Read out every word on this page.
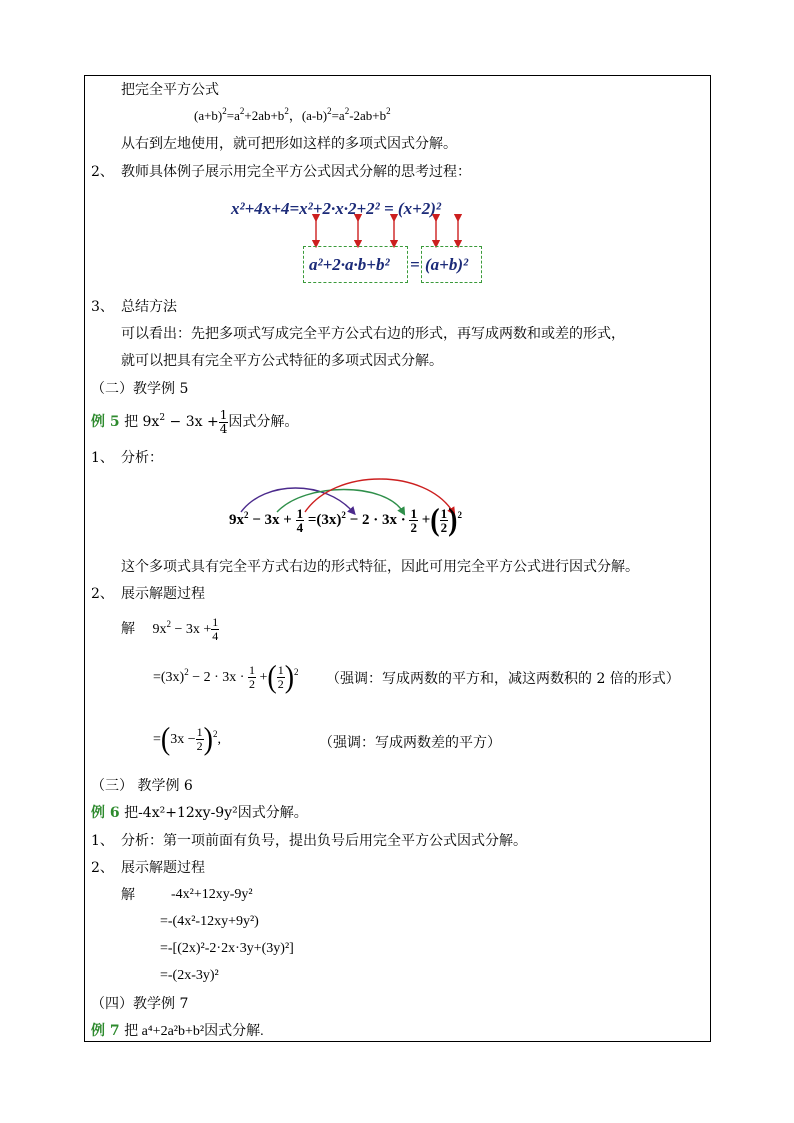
把完全平方公式
$(a+b)^2=a^2+2ab+b^2$，$(a-b)^2=a^2-2ab+b^2$
从右到左地使用，就可把形如这样的多项式因式分解。
2、 教师具体例子展示用完全平方公式因式分解的思考过程：
x²+4x+4=x²+2·x·2+2² = (x+2)²
a²+2·a·b+b² = (a+b)²
3、 总结方法
可以看出：先把多项式写成完全平方公式右边的形式，再写成两数和或差的形式，
就可以把具有完全平方公式特征的多项式因式分解。
（二）教学例 5
例 5 把 $9x^2 - 3x + \frac{1}{4}$ 因式分解。
1、 分析：
$9x^2 - 3x + \frac{1}{4} =(3x)^2 - 2 \cdot 3x \cdot \frac{1}{2}$ +( $\frac{1}{2} )^2$
这个多项式具有完全平方式右边的形式特征，因此可用完全平方公式进行因式分解。
2、 展示解题过程
解 $9x^2 - 3x + \frac{1}{4}$
$=(3x)^2 - 2 \cdot 3x \cdot \frac{1}{2}$ +( $\frac{1}{2} )^2$ （强调：写成两数的平方和，减这两数积的 2 倍的形式）
$=(3x - \frac{1}{2} )^2$,	（强调：写成两数差的平方）
（三） 教学例 6
例 6 把-4x²+12xy-9y²因式分解。
1、 分析：第一项前面有负号，提出负号后用完全平方公式因式分解。
2、 展示解题过程
解	-4x²+12xy-9y²
=-(4x²-12xy+9y²)
=-[(2x)²-2·2x·3y+(3y)²]
=-(2x-3y)²
（四）教学例 7
例 7 把 a⁴+2a²b+b²因式分解.
